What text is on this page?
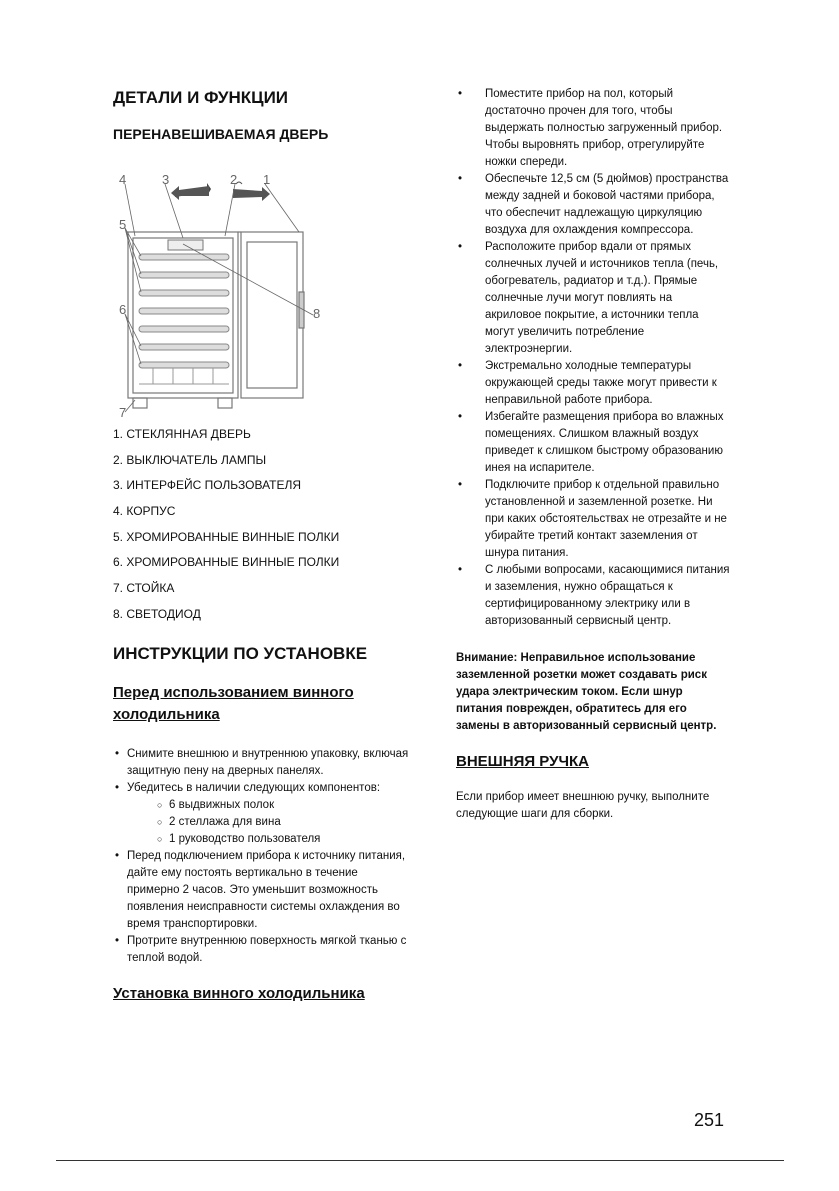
ДЕТАЛИ И ФУНКЦИИ
ПЕРЕНАВЕШИВАЕМАЯ ДВЕРЬ
1
2
3
4
5
6
7
8
1. СТЕКЛЯННАЯ ДВЕРЬ
2. ВЫКЛЮЧАТЕЛЬ ЛАМПЫ
3. ИНТЕРФЕЙС ПОЛЬЗОВАТЕЛЯ
4. КОРПУС
5. ХРОМИРОВАННЫЕ ВИННЫЕ ПОЛКИ
6. ХРОМИРОВАННЫЕ ВИННЫЕ ПОЛКИ
7. СТОЙКА
8. СВЕТОДИОД
ИНСТРУКЦИИ ПО УСТАНОВКЕ
Перед использованием винного холодильника
• Снимите внешнюю и внутреннюю упаковку, включая защитную пену на дверных панелях.
• Убедитесь в наличии следующих компонентов:
○ 6 выдвижных полок
○ 2 стеллажа для вина
○ 1 руководство пользователя
• Перед подключением прибора к источнику питания, дайте ему постоять вертикально в течение примерно 2 часов. Это уменьшит возможность появления неисправности системы охлаждения во время транспортировки.
• Протрите внутреннюю поверхность мягкой тканью с теплой водой.
Установка винного холодильника
• Поместите прибор на пол, который достаточно прочен для того, чтобы выдержать полностью загруженный прибор. Чтобы выровнять прибор, отрегулируйте ножки спереди.
• Обеспечьте 12,5 см (5 дюймов) пространства между задней и боковой частями прибора, что обеспечит надлежащую циркуляцию воздуха для охлаждения компрессора.
• Расположите прибор вдали от прямых солнечных лучей и источников тепла (печь, обогреватель, радиатор и т.д.). Прямые солнечные лучи могут повлиять на акриловое покрытие, а источники тепла могут увеличить потребление электроэнергии.
• Экстремально холодные температуры окружающей среды также могут привести к неправильной работе прибора.
• Избегайте размещения прибора во влажных помещениях. Слишком влажный воздух приведет к слишком быстрому образованию инея на испарителе.
• Подключите прибор к отдельной правильно установленной и заземленной розетке. Ни при каких обстоятельствах не отрезайте и не убирайте третий контакт заземления от шнура питания.
• С любыми вопросами, касающимися питания и заземления, нужно обращаться к сертифицированному электрику или в авторизованный сервисный центр.

Внимание: Неправильное использование заземленной розетки может создавать риск удара электрическим током. Если шнур питания поврежден, обратитесь для его замены в авторизованный сервисный центр.

ВНЕШНЯЯ РУЧКА

Если прибор имеет внешнюю ручку, выполните следующие шаги для сборки.

251
